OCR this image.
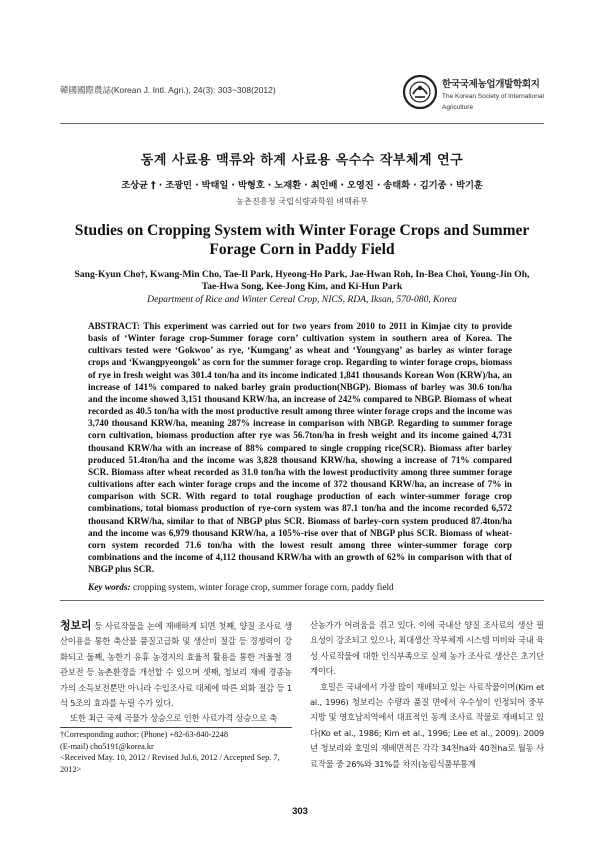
韓國國際農誌(Korean J. Intl. Agri.), 24(3): 303~308(2012)	한국국제농업개발학회지
The Korean Society of International
Agriculture
동계 사료용 맥류와 하계 사료용 옥수수 작부체계 연구
조상균 † · 조광민 · 박태일 · 박형호 · 노재환 · 최인배 · 오영진 · 송태화 · 김기종 · 박기훈
농촌진흥청 국립식량과학원 벼맥류부
Studies on Cropping System with Winter Forage Crops and Summer Forage Corn in Paddy Field
Sang-Kyun Cho†, Kwang-Min Cho, Tae-Il Park, Hyeong-Ho Park, Jae-Hwan Roh, In-Bea Choi, Young-Jin Oh,
Tae-Hwa Song, Kee-Jong Kim, and Ki-Hun Park
Department of Rice and Winter Cereal Crop, NICS, RDA, Iksan, 570-080, Korea
ABSTRACT: This experiment was carried out for two years from 2010 to 2011 in Kimjae city to provide basis of ‘Winter forage crop-Summer forage corn’ cultivation system in southern area of Korea. The cultivars tested were ‘Gokwoo’ as rye, ‘Kumgang’ as wheat and ‘Youngyang’ as barley as winter forage crops and ‘Kwangpyeongok’ as corn for the summer forage crop. Regarding to winter forage crops, biomass of rye in fresh weight was 301.4 ton/ha and its income indicated 1,841 thousands Korean Won (KRW)/ha, an increase of 141% compared to naked barley grain production(NBGP). Biomass of barley was 30.6 ton/ha and the income showed 3,151 thousand KRW/ha, an increase of 242% compared to NBGP. Biomass of wheat recorded as 40.5 ton/ha with the most productive result among three winter forage crops and the income was 3,740 thousand KRW/ha, meaning 287% increase in comparison with NBGP. Regarding to summer forage corn cultivation, biomass production after rye was 56.7ton/ha in fresh weight and its income gained 4,731 thousand KRW/ha with an increase of 88% compared to single cropping rice(SCR). Biomass after barley produced 51.4ton/ha and the income was 3,828 thousand KRW/ha, showing a increase of 71% compared SCR. Biomass after wheat recorded as 31.0 ton/ha with the lowest productivity among three summer forage cultivations after each winter forage crops and the income of 372 thousand KRW/ha, an increase of 7% in comparison with SCR. With regard to total roughage production of each winter-summer forage crop combinations, total biomass production of rye-corn system was 87.1 ton/ha and the income recorded 6,572 thousand KRW/ha, similar to that of NBGP plus SCR. Biomass of barley-corn system produced 87.4ton/ha and the income was 6,979 thousand KRW/ha, a 105%-rise over that of NBGP plus SCR. Biomass of wheat-corn system recorded 71.6 ton/ha with the lowest result among three winter-summer forage corp combinations and the income of 4,112 thousand KRW/ha with an growth of 62% in comparison with that of NBGP plus SCR.
Key words: cropping system, winter forage crop, summer forage corn, paddy field

청보리 등 사료작물을 논에 재배하게 되면 첫째, 양질 조사료 생산이용을 통한 축산물 품질고급화 및 생산비 절감 등 경쟁력이 강화되고 둘째, 농한기 유휴 농경지의 효율적 활용을 통한 겨울철 경관보전 등 농촌환경을 개선할 수 있으며 셋째, 청보리 재배 경종농가의 소득보전뿐만 아니라 수입조사료 대체에 따른 외화 절감 등 1석 5조의 효과를 누릴 수가 있다.

또한 최근 국제 곡물가 상승으로 인한 사료가격 상승으로 축

산농가가 어려움을 겪고 있다. 이에 국내산 양질 조사료의 생산 필요성이 강조되고 있으나, 최대생산 작부체계 시스템 미비와 국내 육성 사료작물에 대한 인식부족으로 실제 농가 조사료 생산은 초기단계이다.

호밀은 국내에서 가장 많이 재배되고 있는 사료작물이며(Kim et al., 1996) 청보리는 수량과 품질 면에서 우수성이 인정되어 중부지방 및 영호남지역에서 대표적인 동계 조사료 작물로 재배되고 있다(Ko et al., 1986; Kim et al., 1996; Lee et al., 2009). 2009년 청보리와 호밀의 재배면적은 각각 34천ha와 40천ha로 월동 사료작물 중 26%와 31%를 차지(농림식품부통계

†Corresponding author: (Phone) +82-63-840-2248
(E-mail) cho5191@korea.kr
<Received May. 10, 2012 / Revised Jul.6, 2012 / Accepted Sep. 7, 2012>
303
